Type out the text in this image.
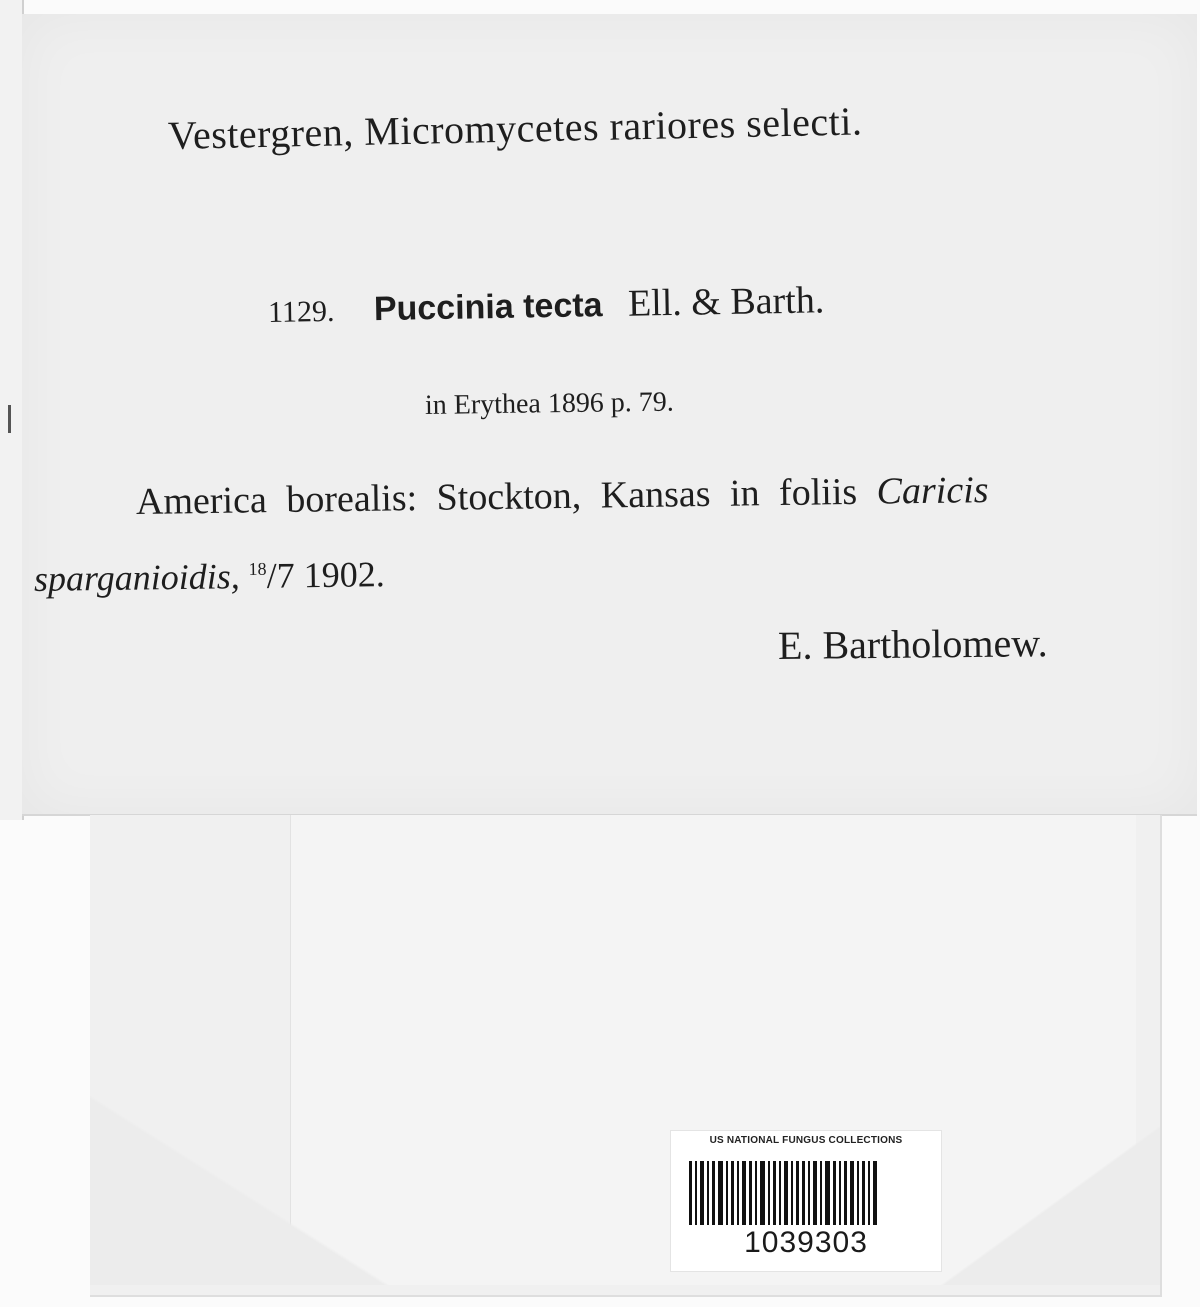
Vestergren, Micromycetes rariores selecti.
1129. Puccinia tecta Ell. & Barth.
in Erythea 1896 p. 79.
America borealis: Stockton, Kansas in foliis Caricis
sparganioidis, $^{18}$/7 1902.
E. Bartholomew.
US NATIONAL FUNGUS COLLECTIONS
1039303
